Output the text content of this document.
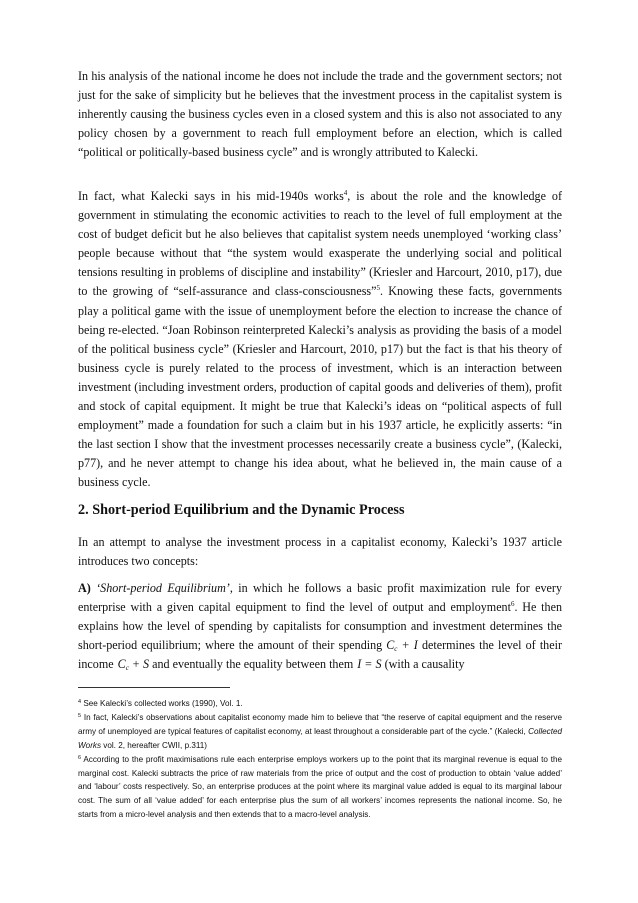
In his analysis of the national income he does not include the trade and the government sectors; not just for the sake of simplicity but he believes that the investment process in the capitalist system is inherently causing the business cycles even in a closed system and this is also not associated to any policy chosen by a government to reach full employment before an election, which is called “political or politically-based business cycle” and is wrongly attributed to Kalecki.

In fact, what Kalecki says in his mid-1940s works$^4$, is about the role and the knowledge of government in stimulating the economic activities to reach to the level of full employment at the cost of budget deficit but he also believes that capitalist system needs unemployed ‘working class’ people because without that “the system would exasperate the underlying social and political tensions resulting in problems of discipline and instability” (Kriesler and Harcourt, 2010, p17), due to the growing of “self-assurance and class-consciousness”$^5$. Knowing these facts, governments play a political game with the issue of unemployment before the election to increase the chance of being re-elected. “Joan Robinson reinterpreted Kalecki’s analysis as providing the basis of a model of the political business cycle” (Kriesler and Harcourt, 2010, p17) but the fact is that his theory of business cycle is purely related to the process of investment, which is an interaction between investment (including investment orders, production of capital goods and deliveries of them), profit and stock of capital equipment. It might be true that Kalecki’s ideas on “political aspects of full employment” made a foundation for such a claim but in his 1937 article, he explicitly asserts: “in the last section I show that the investment processes necessarily create a business cycle”, (Kalecki, p77), and he never attempt to change his idea about, what he believed in, the main cause of a business cycle.

2. Short-period Equilibrium and the Dynamic Process

In an attempt to analyse the investment process in a capitalist economy, Kalecki’s 1937 article introduces two concepts:

A) ‘Short-period Equilibrium’, in which he follows a basic profit maximization rule for every enterprise with a given capital equipment to find the level of output and employment$^6$. He then explains how the level of spending by capitalists for consumption and investment determines the short-period equilibrium; where the amount of their spending $C_c + I$ determines the level of their income $C_c + S$ and eventually the equality between them I = S (with a causality

$^4$ See Kalecki’s collected works (1990), Vol. 1.

$^5$ In fact, Kalecki’s observations about capitalist economy made him to believe that “the reserve of capital equipment and the reserve army of unemployed are typical features of capitalist economy, at least throughout a considerable part of the cycle.” (Kalecki, Collected Works vol. 2, hereafter CWII, p.311)

$^6$ According to the profit maximisations rule each enterprise employs workers up to the point that its marginal revenue is equal to the marginal cost. Kalecki subtracts the price of raw materials from the price of output and the cost of production to obtain ‘value added’ and ‘labour’ costs respectively. So, an enterprise produces at the point where its marginal value added is equal to its marginal labour cost. The sum of all ‘value added’ for each enterprise plus the sum of all workers’ incomes represents the national income. So, he starts from a micro-level analysis and then extends that to a macro-level analysis.
